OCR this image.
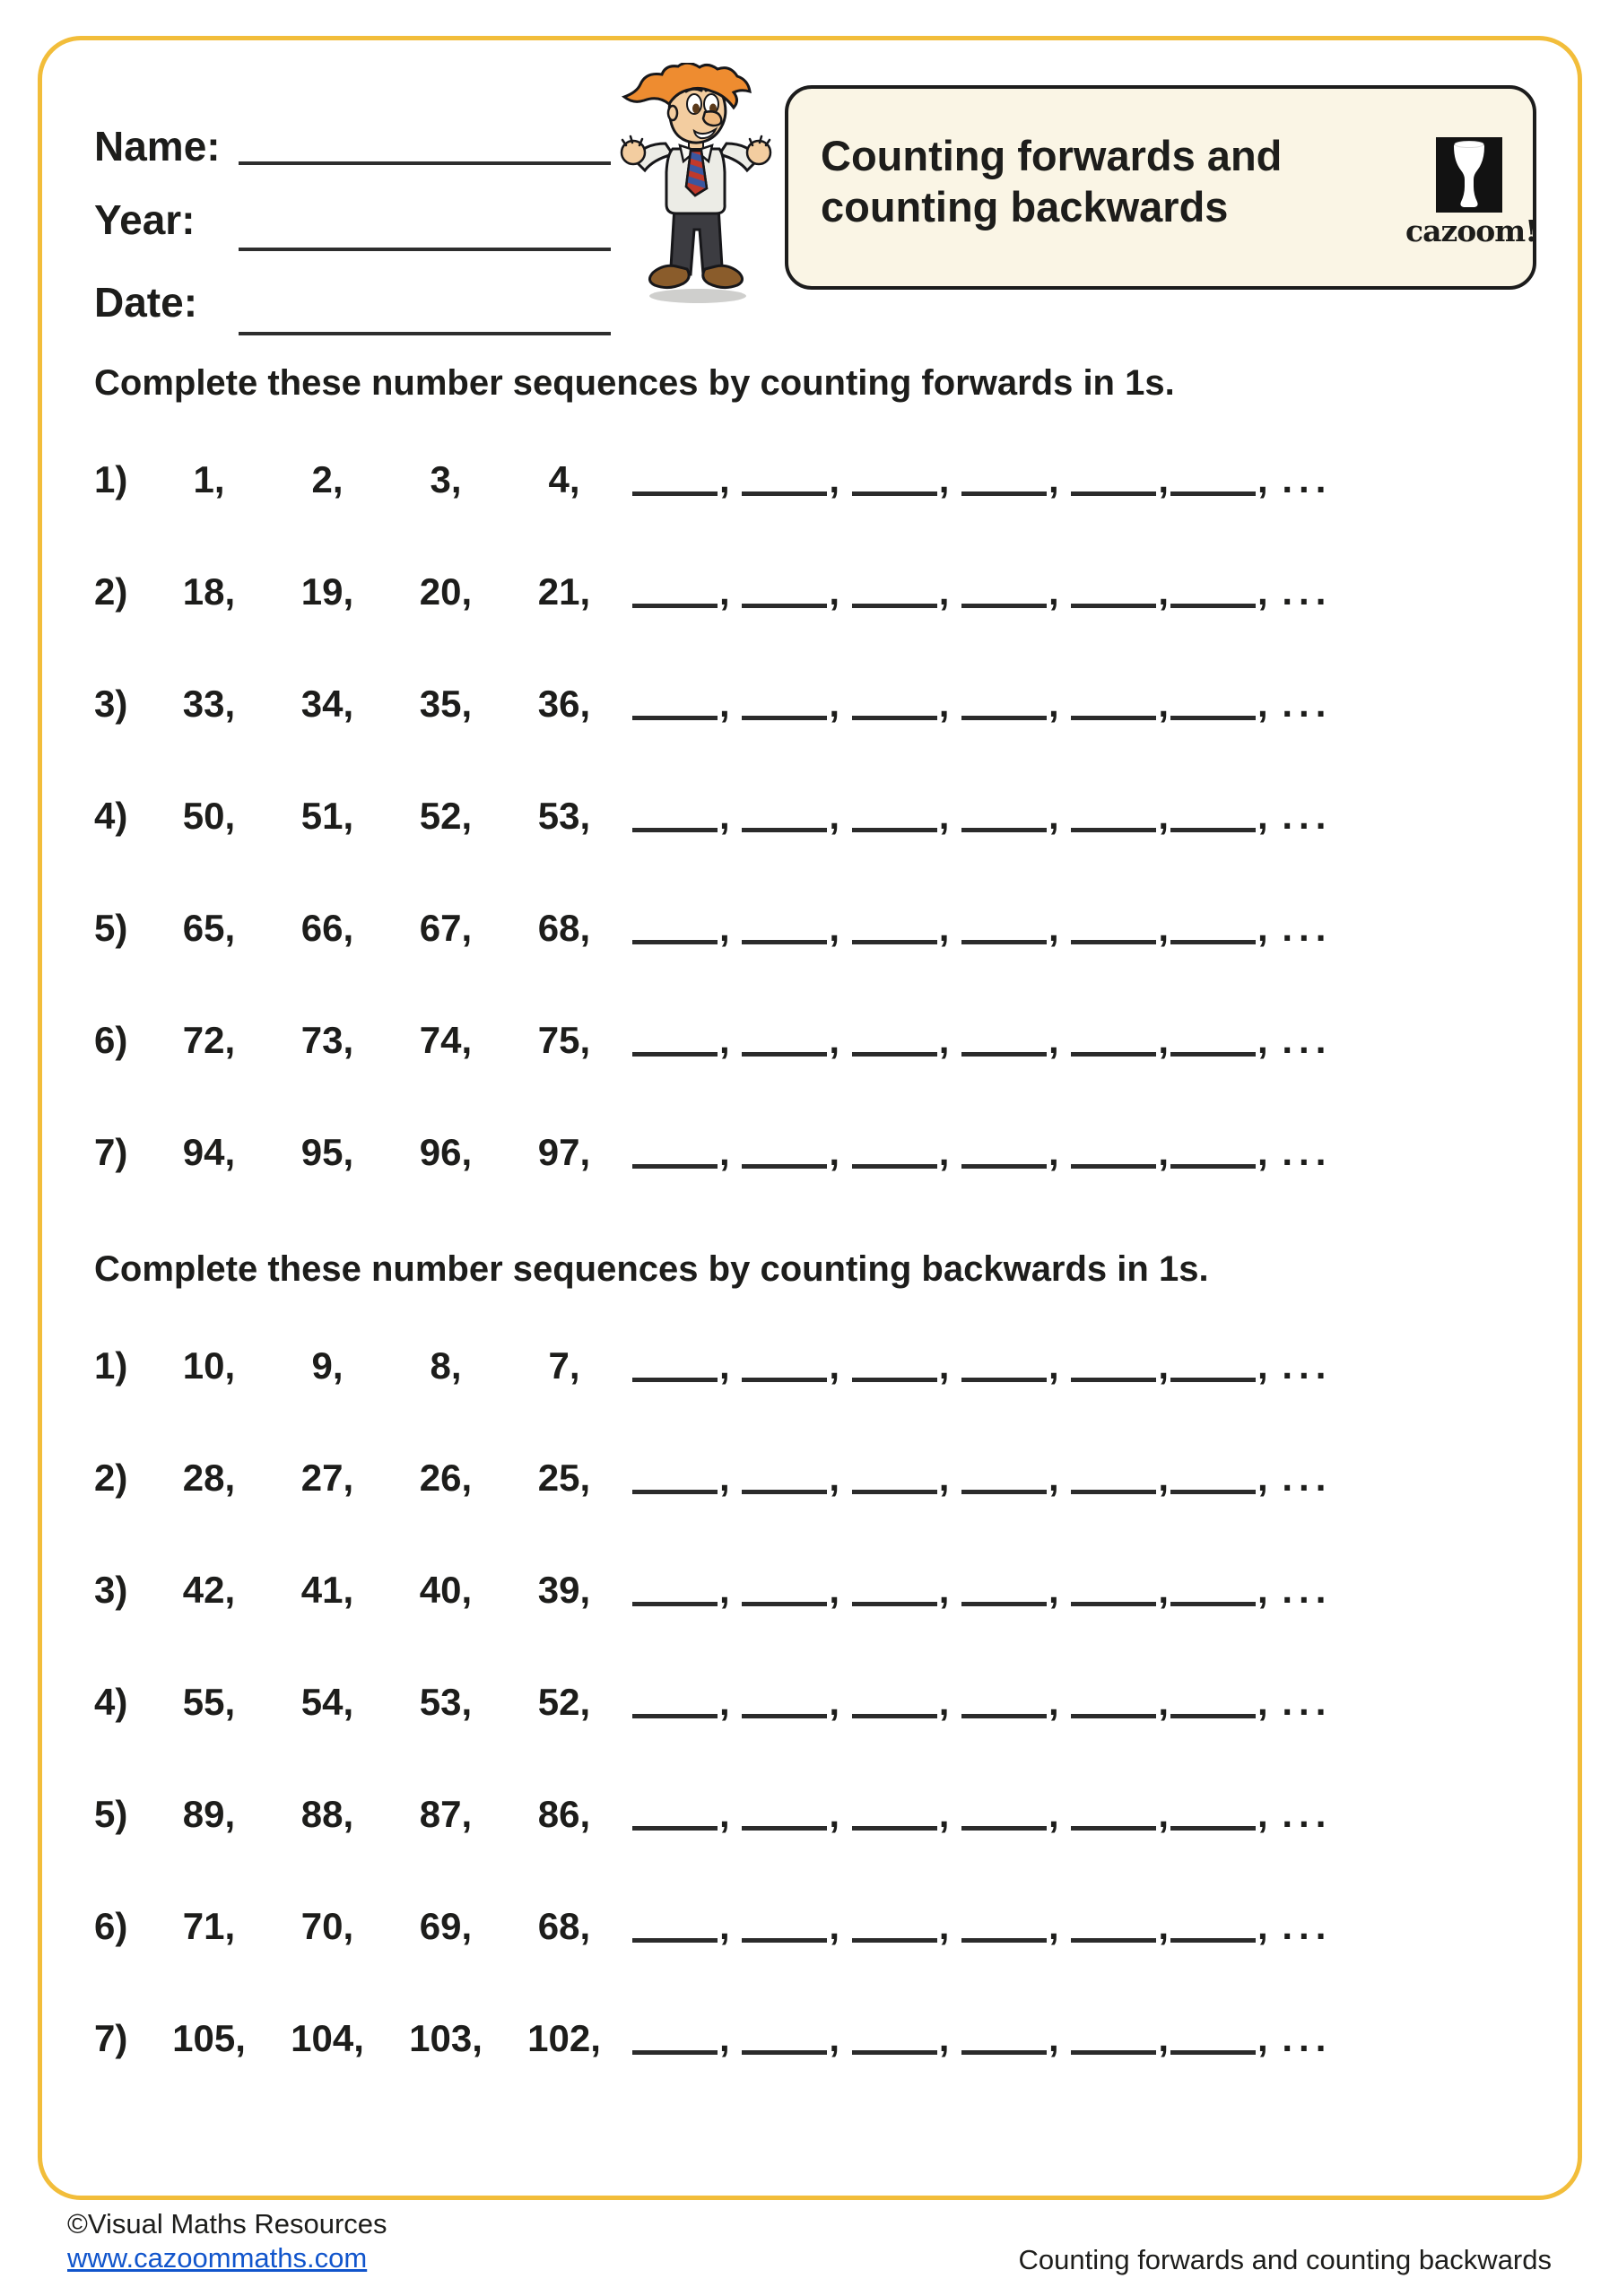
Name:
Year:
Date:
Counting forwards and
counting backwards
cazoom!
Complete these number sequences by counting forwards in 1s.
1) 1, 2, 3, 4,	, , , , , , ...
2) 18, 19, 20, 21,	, , , , , , ...
3) 33, 34, 35, 36,	, , , , , , ...
4) 50, 51, 52, 53,	, , , , , , ...
5) 65, 66, 67, 68,	, , , , , , ...
6) 72, 73, 74, 75,	, , , , , , ...
7) 94, 95, 96, 97,	, , , , , , ...
Complete these number sequences by counting backwards in 1s.
1) 10, 9, 8, 7,	, , , , , , ...
2) 28, 27, 26, 25,	, , , , , , ...
3) 42, 41, 40, 39,	, , , , , , ...
4) 55, 54, 53, 52,	, , , , , , ...
5) 89, 88, 87, 86,	, , , , , , ...
6) 71, 70, 69, 68,	, , , , , , ...
7) 105, 104, 103, 102,	, , , , , , ...
©Visual Maths Resources
www.cazoommaths.com	Counting forwards and counting backwards
